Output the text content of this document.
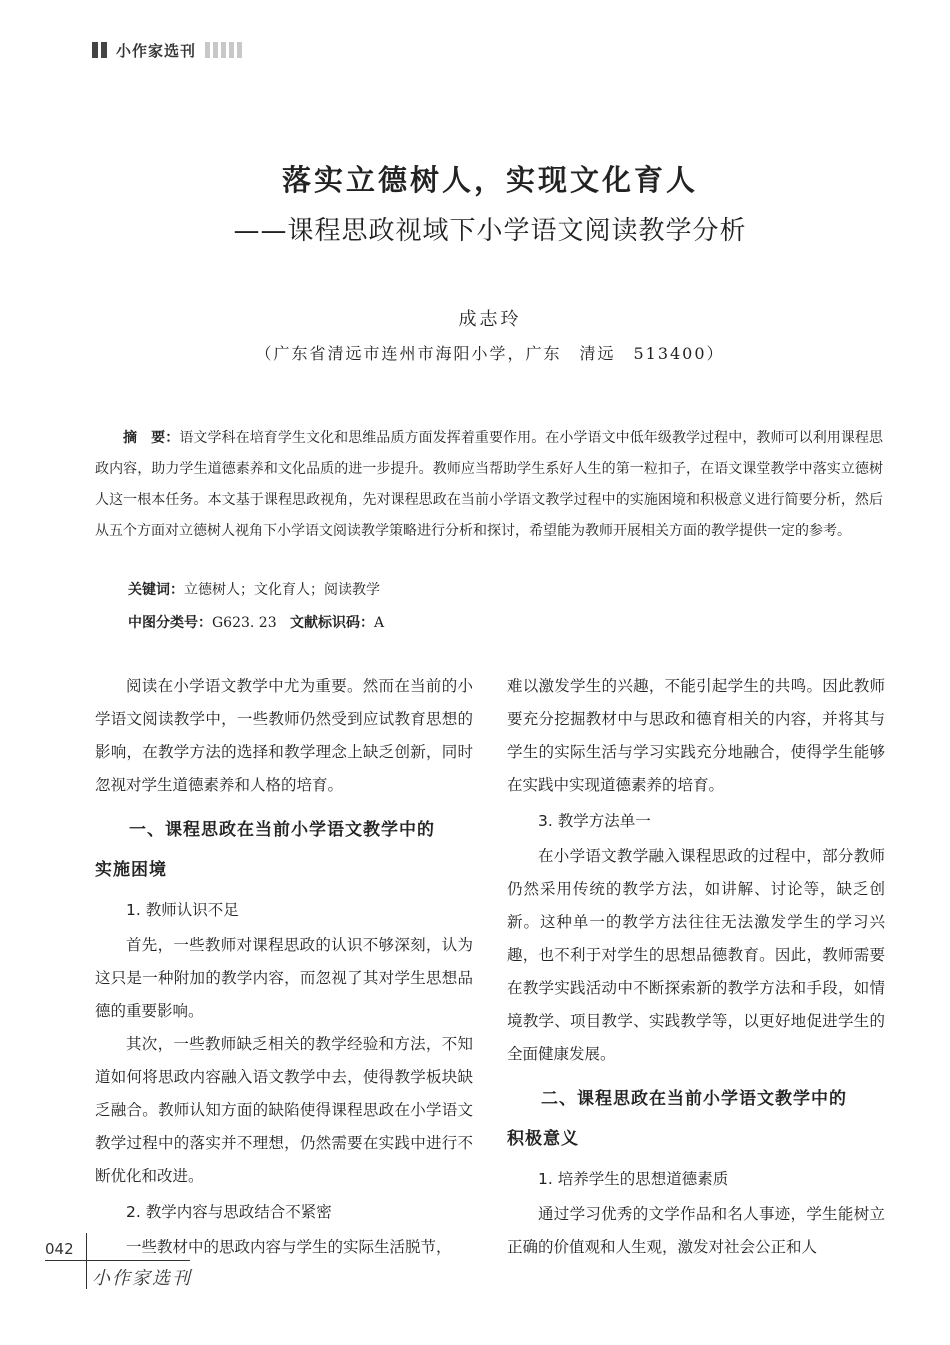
小作家选刊
落实立德树人，实现文化育人
——课程思政视域下小学语文阅读教学分析
成志玲
（广东省清远市连州市海阳小学，广东　清远　513400）

摘　要：语文学科在培育学生文化和思维品质方面发挥着重要作用。在小学语文中低年级教学过程中，教师可以利用课程思政内容，助力学生道德素养和文化品质的进一步提升。教师应当帮助学生系好人生的第一粒扣子，在语文课堂教学中落实立德树人这一根本任务。本文基于课程思政视角，先对课程思政在当前小学语文教学过程中的实施困境和积极意义进行简要分析，然后从五个方面对立德树人视角下小学语文阅读教学策略进行分析和探讨，希望能为教师开展相关方面的教学提供一定的参考。

关键词：立德树人；文化育人；阅读教学
中图分类号：G623. 23 文献标识码：A

阅读在小学语文教学中尤为重要。然而在当前的小学语文阅读教学中，一些教师仍然受到应试教育思想的影响，在教学方法的选择和教学理念上缺乏创新，同时忽视对学生道德素养和人格的培育。

一、课程思政在当前小学语文教学中的
实施困境
1. 教师认识不足

首先，一些教师对课程思政的认识不够深刻，认为这只是一种附加的教学内容，而忽视了其对学生思想品德的重要影响。

其次，一些教师缺乏相关的教学经验和方法，不知道如何将思政内容融入语文教学中去，使得教学板块缺乏融合。教师认知方面的缺陷使得课程思政在小学语文教学过程中的落实并不理想，仍然需要在实践中进行不断优化和改进。

2. 教学内容与思政结合不紧密

一些教材中的思政内容与学生的实际生活脱节，

难以激发学生的兴趣，不能引起学生的共鸣。因此教师要充分挖掘教材中与思政和德育相关的内容，并将其与学生的实际生活与学习实践充分地融合，使得学生能够在实践中实现道德素养的培育。

3. 教学方法单一

在小学语文教学融入课程思政的过程中，部分教师仍然采用传统的教学方法，如讲解、讨论等，缺乏创新。这种单一的教学方法往往无法激发学生的学习兴趣，也不利于对学生的思想品德教育。因此，教师需要在教学实践活动中不断探索新的教学方法和手段，如情境教学、项目教学、实践教学等，以更好地促进学生的全面健康发展。

二、课程思政在当前小学语文教学中的
积极意义
1. 培养学生的思想道德素质

通过学习优秀的文学作品和名人事迹，学生能树立正确的价值观和人生观，激发对社会公正和人

042
小作家选刊
